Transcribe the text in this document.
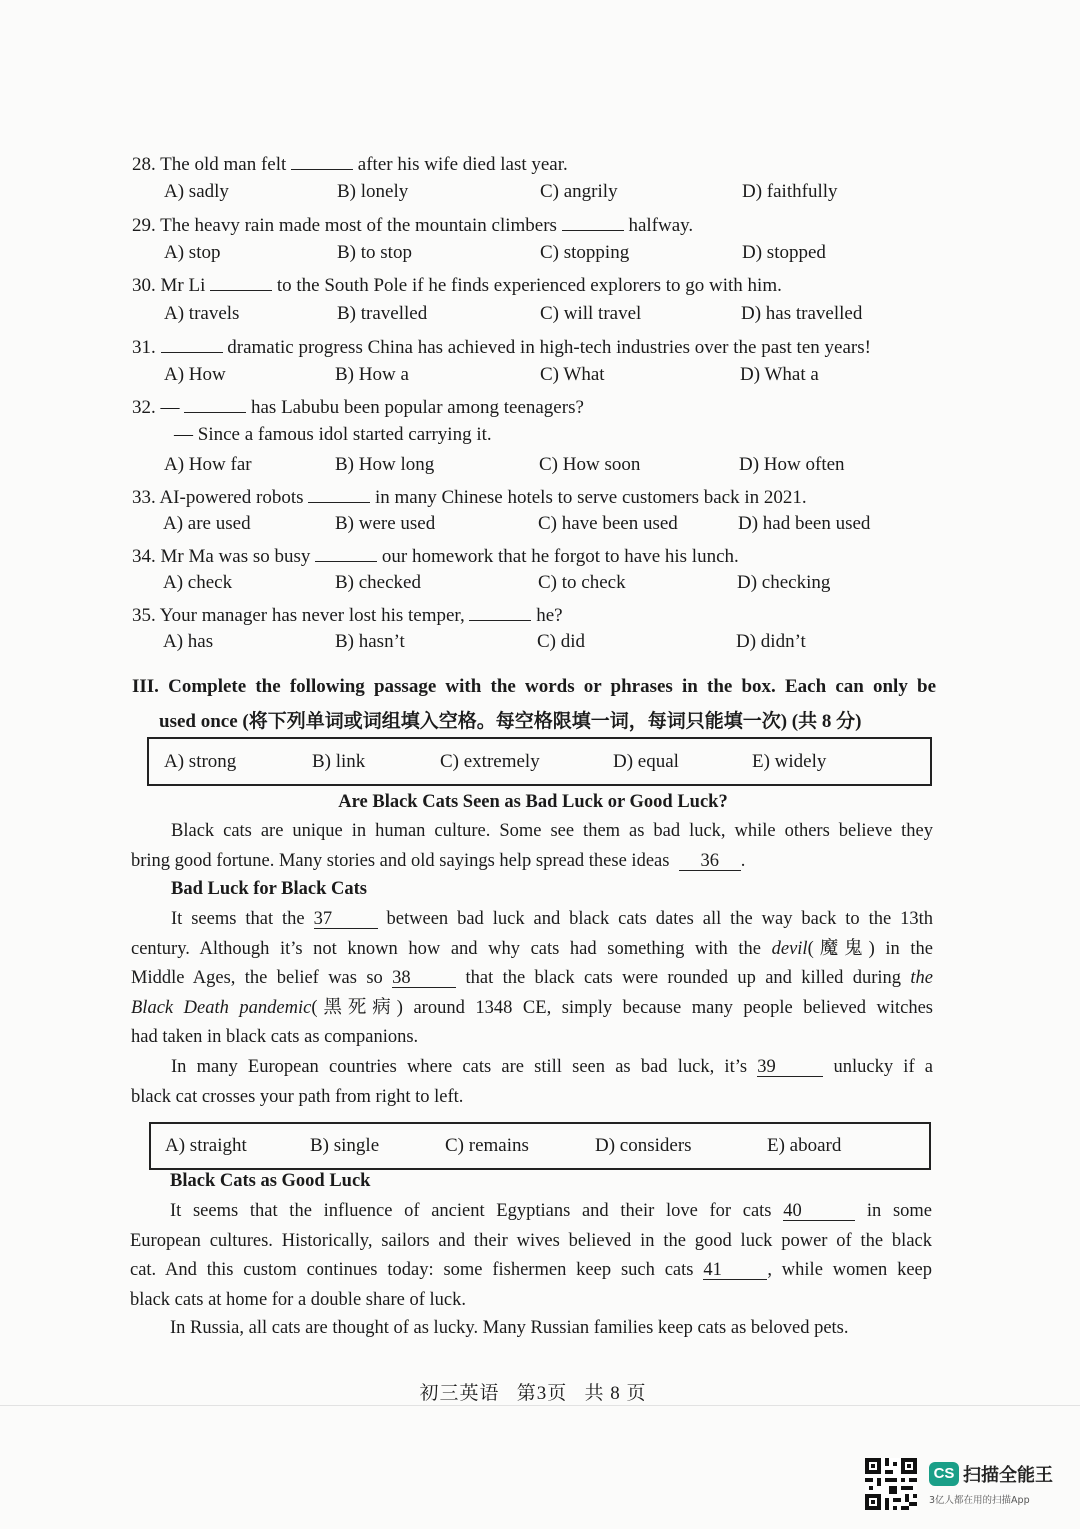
28. The old man felt	after his wife died last year.
A) sadly	B) lonely	C) angrily	D) faithfully
29. The heavy rain made most of the mountain climbers	halfway.
A) stop	B) to stop	C) stopping	D) stopped
30. Mr Li	to the South Pole if he finds experienced explorers to go with him.
A) travels	B) travelled	C) will travel	D) has travelled
31.	dramatic progress China has achieved in high-tech industries over the past ten years!
A) How	B) How a	C) What	D) What a
32. —	has Labubu been popular among teenagers?
— Since a famous idol started carrying it.
A) How far	B) How long	C) How soon	D) How often
33. AI-powered robots	in many Chinese hotels to serve customers back in 2021.
A) are used	B) were used	C) have been used	D) had been used
34. Mr Ma was so busy	our homework that he forgot to have his lunch.
A) check	B) checked	C) to check	D) checking
35. Your manager has never lost his temper,	he?
A) has	B) hasn’t	C) did	D) didn’t
III. Complete the following passage with the words or phrases in the box. Each can only be
used once (将下列单词或词组填入空格。每空格限填一词，每词只能填一次) (共 8 分)
A) strong	B) link	C) extremely	D) equal	E) widely
Are Black Cats Seen as Bad Luck or Good Luck?
Black cats are unique in human culture. Some see them as bad luck, while others believe they
bring good fortune. Many stories and old sayings help spread these ideas 36 .
Bad Luck for Black Cats
It seems that the 37	between bad luck and black cats dates all the way back to the 13th
century. Although it’s not known how and why cats had something with the devil(魔鬼) in the
Middle Ages, the belief was so 38	that the black cats were rounded up and killed during the
Black Death pandemic(黑死病) around 1348 CE, simply because many people believed witches
had taken in black cats as companions.
In many European countries where cats are still seen as bad luck, it’s 39	unlucky if a
black cat crosses your path from right to left.
A) straight	B) single	C) remains	D) considers	E) aboard
Black Cats as Good Luck
It seems that the influence of ancient Egyptians and their love for cats 40	in some
European cultures. Historically, sailors and their wives believed in the good luck power of the black
cat. And this custom continues today: some fishermen keep such cats 41 , while women keep
black cats at home for a double share of luck.
In Russia, all cats are thought of as lucky. Many Russian families keep cats as beloved pets.
初三英语   第3页   共 8 页
CS 扫描全能王
3亿人都在用的扫描App
